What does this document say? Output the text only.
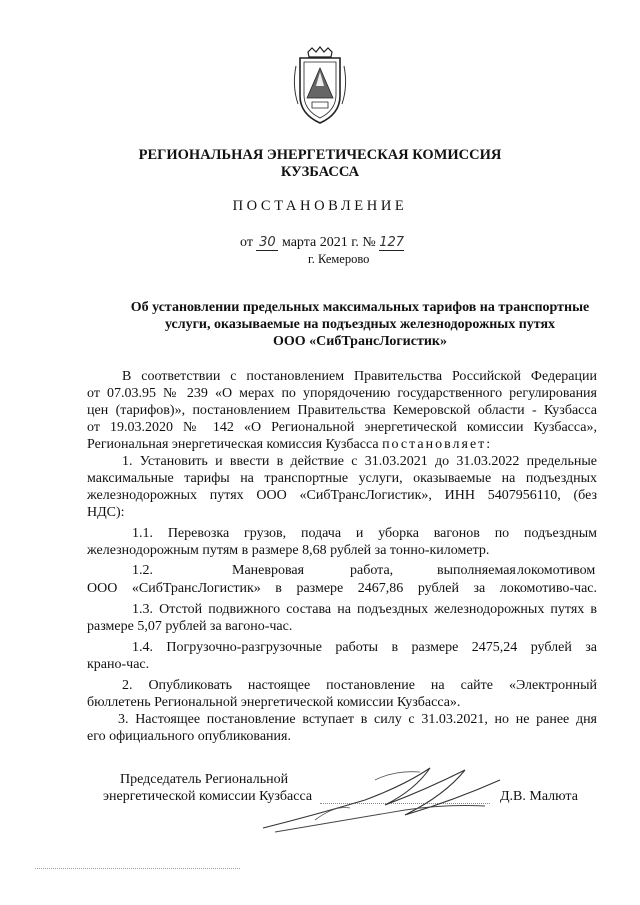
РЕГИОНАЛЬНАЯ ЭНЕРГЕТИЧЕСКАЯ КОМИССИЯ
КУЗБАССА
ПОСТАНОВЛЕНИЕ
от 30 марта 2021 г. № 127
г. Кемерово
Об установлении предельных максимальных тарифов на транспортные
услуги, оказываемые на подъездных железнодорожных путях
ООО «СибТрансЛогистик»
В соответствии с постановлением Правительства Российской Федерации
от 07.03.95 № 239 «О мерах по упорядочению государственного регулирования
цен (тарифов)», постановлением Правительства Кемеровской области - Кузбасса
от 19.03.2020 № 142 «О Региональной энергетической комиссии Кузбасса»,
Региональная энергетическая комиссия Кузбасса постановляет:
1. Установить и ввести в действие с 31.03.2021 до 31.03.2022 предельные
максимальные тарифы на транспортные услуги, оказываемые на подъездных
железнодорожных путях ООО «СибТрансЛогистик», ИНН 5407956110, (без
НДС):
1.1. Перевозка грузов, подача и уборка вагонов по подъездным
железнодорожным путям в размере 8,68 рублей за тонно-километр.
1.2.	Маневровая	работа,	выполняемая локомотивом
ООО «СибТрансЛогистик» в размере 2467,86 рублей за локомотиво-час.
1.3. Отстой подвижного состава на подъездных железнодорожных путях в
размере 5,07 рублей за вагоно-час.
1.4. Погрузочно-разгрузочные работы в размере 2475,24 рублей за
крано-час.
2. Опубликовать настоящее постановление на сайте «Электронный
бюллетень Региональной энергетической комиссии Кузбасса».
3. Настоящее постановление вступает в силу с 31.03.2021, но не ранее дня
его официального опубликования.
Председатель Региональной
энергетической комиссии Кузбасса	Д.В. Малюта
